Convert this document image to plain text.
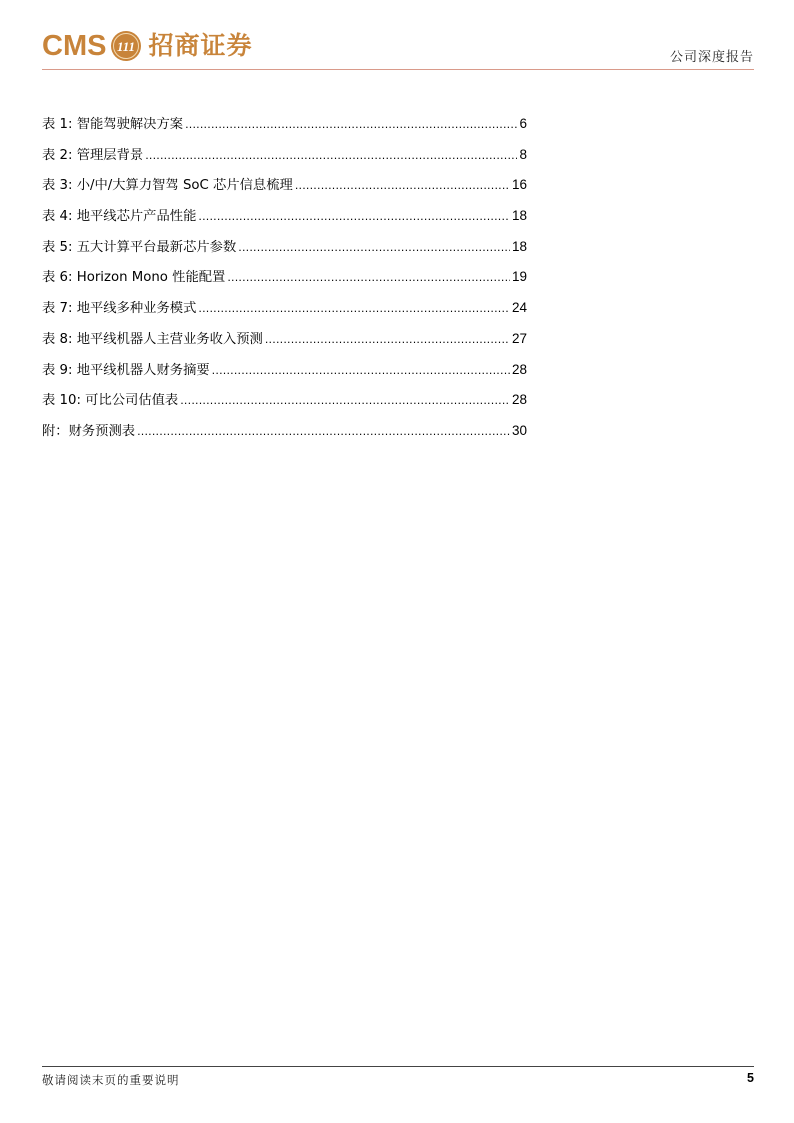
CMS 111 招商证券	公司深度报告
表 1: 智能驾驶解决方案 .....	6
表 2: 管理层背景 .....	8
表 3: 小/中/大算力智驾 SoC 芯片信息梳理 .....	16
表 4: 地平线芯片产品性能 .....	18
表 5: 五大计算平台最新芯片参数 .....	18
表 6: Horizon Mono 性能配置 .....	19
表 7: 地平线多种业务模式 .....	24
表 8: 地平线机器人主营业务收入预测 .....	27
表 9: 地平线机器人财务摘要 .....	28
表 10: 可比公司估值表 .....	28
附：财务预测表 .....	30
敬请阅读末页的重要说明	5
